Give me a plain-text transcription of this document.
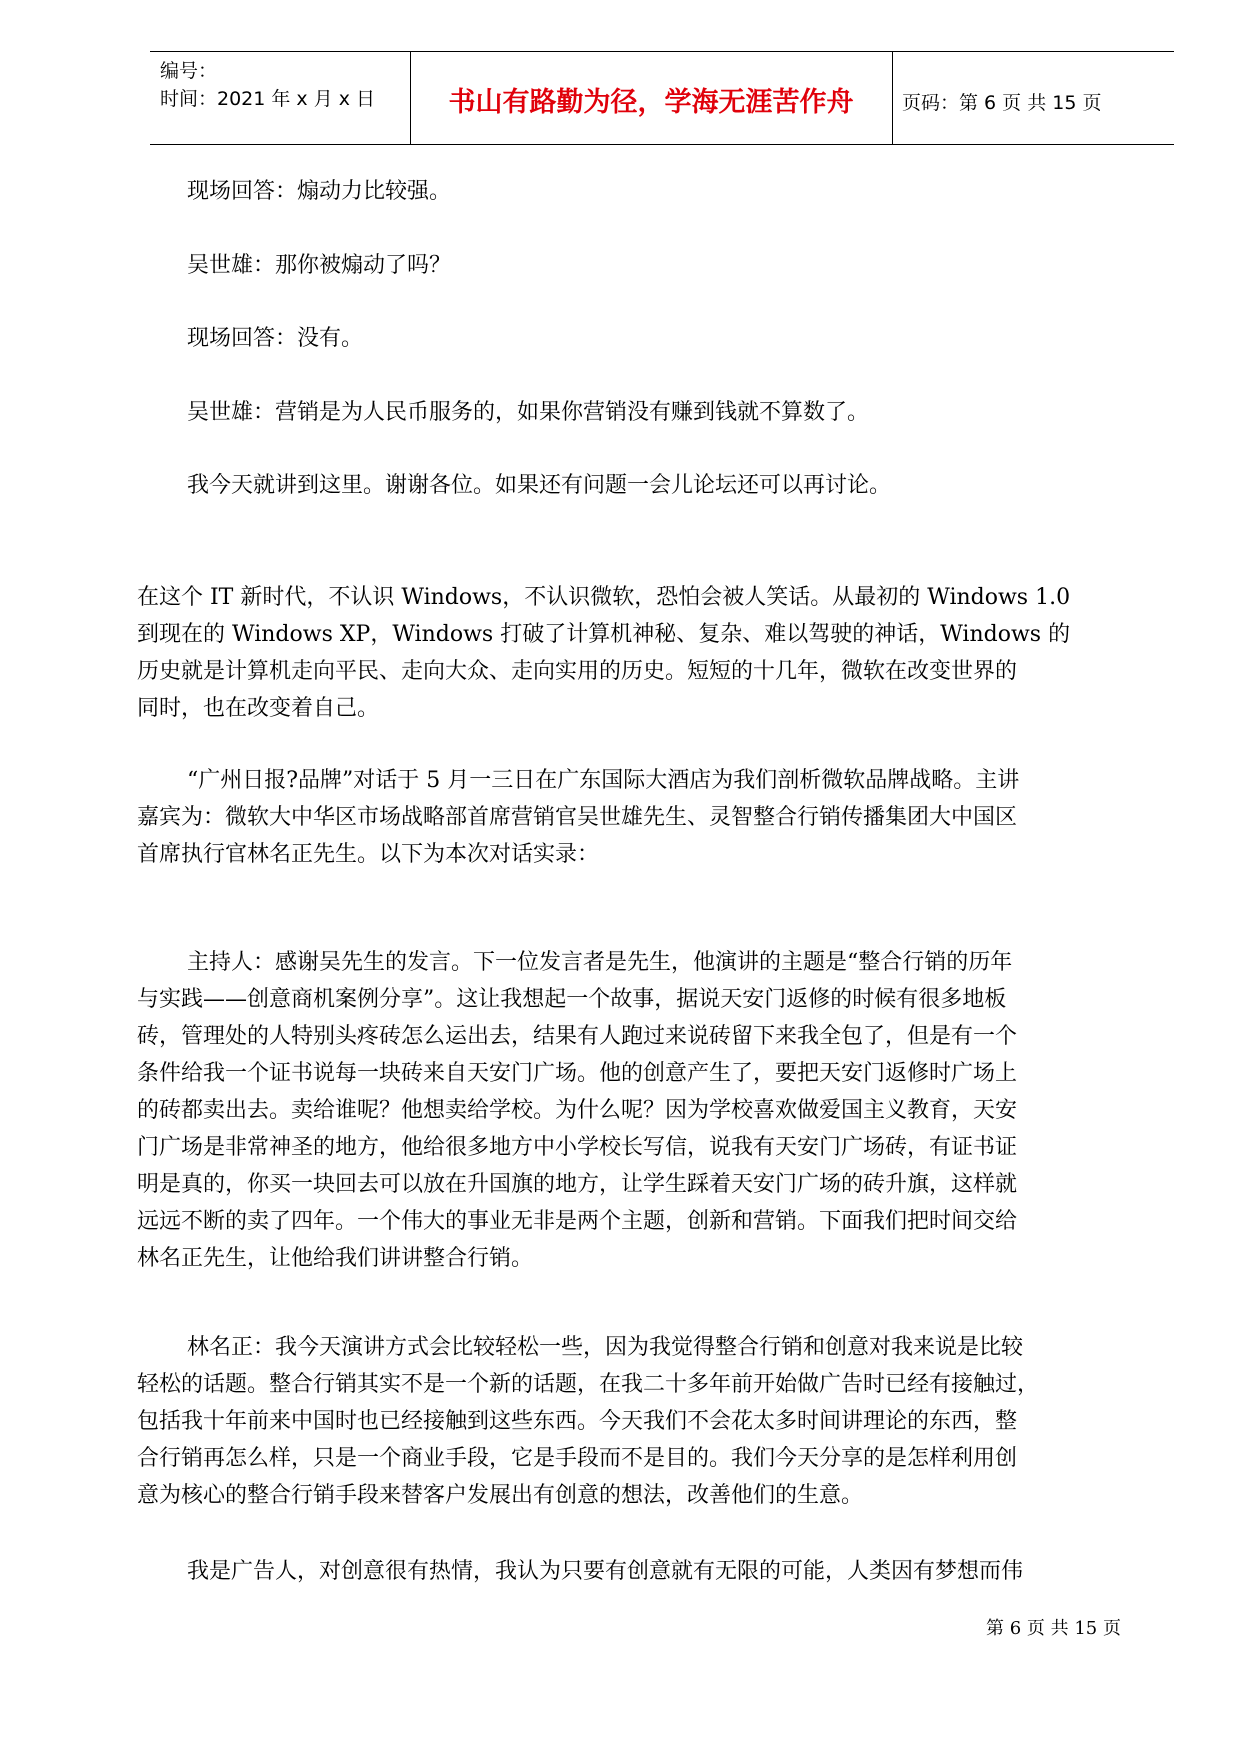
编号：
时间：2021 年 x 月 x 日	书山有路勤为径，学海无涯苦作舟	页码：第 6 页 共 15 页
现场回答：煽动力比较强。
吴世雄：那你被煽动了吗？
现场回答：没有。
吴世雄：营销是为人民币服务的，如果你营销没有赚到钱就不算数了。
我今天就讲到这里。谢谢各位。如果还有问题一会儿论坛还可以再讨论。
在这个 IT 新时代，不认识 Windows，不认识微软，恐怕会被人笑话。从最初的 Windows 1.0
到现在的 Windows XP，Windows 打破了计算机神秘、复杂、难以驾驶的神话，Windows 的
历史就是计算机走向平民、走向大众、走向实用的历史。短短的十几年，微软在改变世界的
同时，也在改变着自己。
“广州日报?品牌”对话于 5 月一三日在广东国际大酒店为我们剖析微软品牌战略。主讲
嘉宾为：微软大中华区市场战略部首席营销官吴世雄先生、灵智整合行销传播集团大中国区
首席执行官林名正先生。以下为本次对话实录：
主持人：感谢吴先生的发言。下一位发言者是先生，他演讲的主题是“整合行销的历年
与实践——创意商机案例分享”。这让我想起一个故事，据说天安门返修的时候有很多地板
砖，管理处的人特别头疼砖怎么运出去，结果有人跑过来说砖留下来我全包了，但是有一个
条件给我一个证书说每一块砖来自天安门广场。他的创意产生了，要把天安门返修时广场上
的砖都卖出去。卖给谁呢？他想卖给学校。为什么呢？因为学校喜欢做爱国主义教育，天安
门广场是非常神圣的地方，他给很多地方中小学校长写信，说我有天安门广场砖，有证书证
明是真的，你买一块回去可以放在升国旗的地方，让学生踩着天安门广场的砖升旗，这样就
远远不断的卖了四年。一个伟大的事业无非是两个主题，创新和营销。下面我们把时间交给
林名正先生，让他给我们讲讲整合行销。
林名正：我今天演讲方式会比较轻松一些，因为我觉得整合行销和创意对我来说是比较
轻松的话题。整合行销其实不是一个新的话题，在我二十多年前开始做广告时已经有接触过，
包括我十年前来中国时也已经接触到这些东西。今天我们不会花太多时间讲理论的东西，整
合行销再怎么样，只是一个商业手段，它是手段而不是目的。我们今天分享的是怎样利用创
意为核心的整合行销手段来替客户发展出有创意的想法，改善他们的生意。
我是广告人，对创意很有热情，我认为只要有创意就有无限的可能，人类因有梦想而伟
第 6 页 共 15 页
